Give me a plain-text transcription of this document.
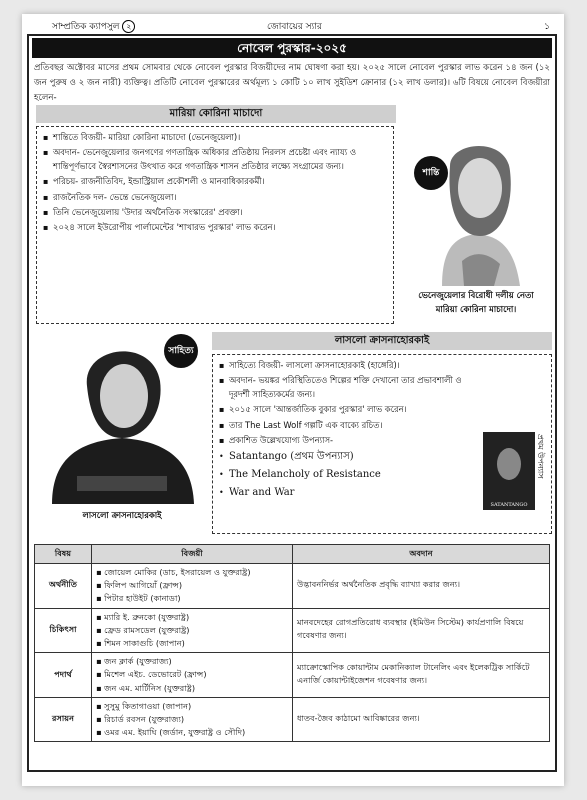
সাম্প্রতিক ক্যাপসুল ২	জোবায়ের স্যার	১
নোবেল পুরস্কার-২০২৫
প্রতিবছর অক্টোবর মাসের প্রথম সোমবার থেকে নোবেল পুরস্কার বিজয়ীদের নাম ঘোষণা করা হয়। ২০২৫ সালে নোবেল পুরস্কার লাভ করেন ১৪ জন (১২ জন পুরুষ ও ২ জন নারী) ব্যক্তিত্ব। প্রতিটি নোবেল পুরস্কারের অর্থমূল্য ১ কোটি ১০ লাখ সুইডিশ ক্রোনার (১২ লাখ ডলার)। ৬টি বিষয়ে নোবেল বিজয়ীরা হলেন-
মারিয়া কোরিনা মাচাদো
▪ শান্তিতে বিজয়ী- মারিয়া কোরিনা মাচাদো (ভেনেজুয়েলা)।
▪ অবদান- ভেনেজুয়েলার জনগণের গণতান্ত্রিক অধিকার প্রতিষ্ঠায় নিরলস প্রচেষ্টা এবং ন্যায্য ও শান্তিপূর্ণভাবে স্বৈরশাসনের উৎখাত করে গণতান্ত্রিক শাসন প্রতিষ্ঠার লক্ষ্যে সংগ্রামের জন্য।
▪ পরিচয়- রাজনীতিবিদ, ইন্ডাস্ট্রিয়াল প্রকৌশলী ও মানবাধিকারকর্মী।
▪ রাজনৈতিক দল- ভেন্তে ভেনেজুয়েলা।
▪ তিনি ভেনেজুয়েলায় 'উদার অর্থনৈতিক সংস্কারের' প্রবক্তা।
▪ ২০২৪ সালে ইউরোপীয় পার্লামেন্টের 'শাখারভ পুরস্কার' লাভ করেন।
শান্তি
ভেনেজুয়েলার বিরোধী দলীয় নেতা
মারিয়া কোরিনা মাচাদো।
লাসলো ক্রাসনাহোরকাই
সাহিত্য
লাসলো ক্রাসনাহোরকাই
▪ সাহিত্যে বিজয়ী- লাসলো ক্রাসনাহোরকাই (হাঙ্গেরি)।
▪ অবদান- ভয়ঙ্কর পরিস্থিতিতেও শিল্পের শক্তি দেখানো তার প্রভাবশালী ও দূরদর্শী সাহিত্যকর্মের জন্য।
▪ ২০১৫ সালে 'আন্তর্জাতিক বুকার পুরস্কার' লাভ করেন।
▪ তার The Last Wolf গল্পটি এক বাক্যে রচিত।
▪ প্রকাশিত উল্লেখযোগ্য উপন্যাস-
• Satantango (প্রথম উপন্যাস)
• The Melancholy of Resistance
• War and War
SATANTANGO
প্রথম উপন্যাস
বিষয়	বিজয়ী	অবদান
অর্থনীতি	▪ জোয়েল মোকির (ডাচ, ইসরায়েল ও যুক্তরাষ্ট্র)
▪ ফিলিপ আগিয়োঁ (ফ্রান্স)
▪ পিটার হাউইট (কানাডা)	উদ্ভাবননির্ভর অর্থনৈতিক প্রবৃদ্ধি ব্যাখ্যা করার জন্য।
চিকিৎসা	▪ ম্যারি ই. ব্রুনকো (যুক্তরাষ্ট্র)
▪ ফ্রেড রামসডেল (যুক্তরাষ্ট্র)
▪ শিমন সাকাগুচি (জাপান)	মানবদেহের রোগপ্রতিরোধ ব্যবস্থার (ইমিউন সিস্টেম) কার্যপ্রণালি বিষয়ে গবেষণার জন্য।
পদার্থ	▪ জন ক্লার্ক (যুক্তরাজ্য)
▪ মিশেল এইচ. ডেভোরেট (ফ্রান্স)
▪ জন এম. মার্টিনিস (যুক্তরাষ্ট্র)	ম্যাক্রোস্কোপিক কোয়ান্টাম মেকানিক্যাল টানেলিং এবং ইলেকট্রিক সার্কিটে এনার্জি কোয়ান্টাইজেশন গবেষণার জন্য।
রসায়ন	▪ সুসুমু কিতাগাওয়া (জাপান)
▪ রিচার্ড রবসন (যুক্তরাজ্য)
▪ ওমর এম. ইয়াঘি (জর্ডান, যুক্তরাষ্ট্র ও সৌদি)	ধাতব-জৈব কাঠামো আবিষ্কারের জন্য।
